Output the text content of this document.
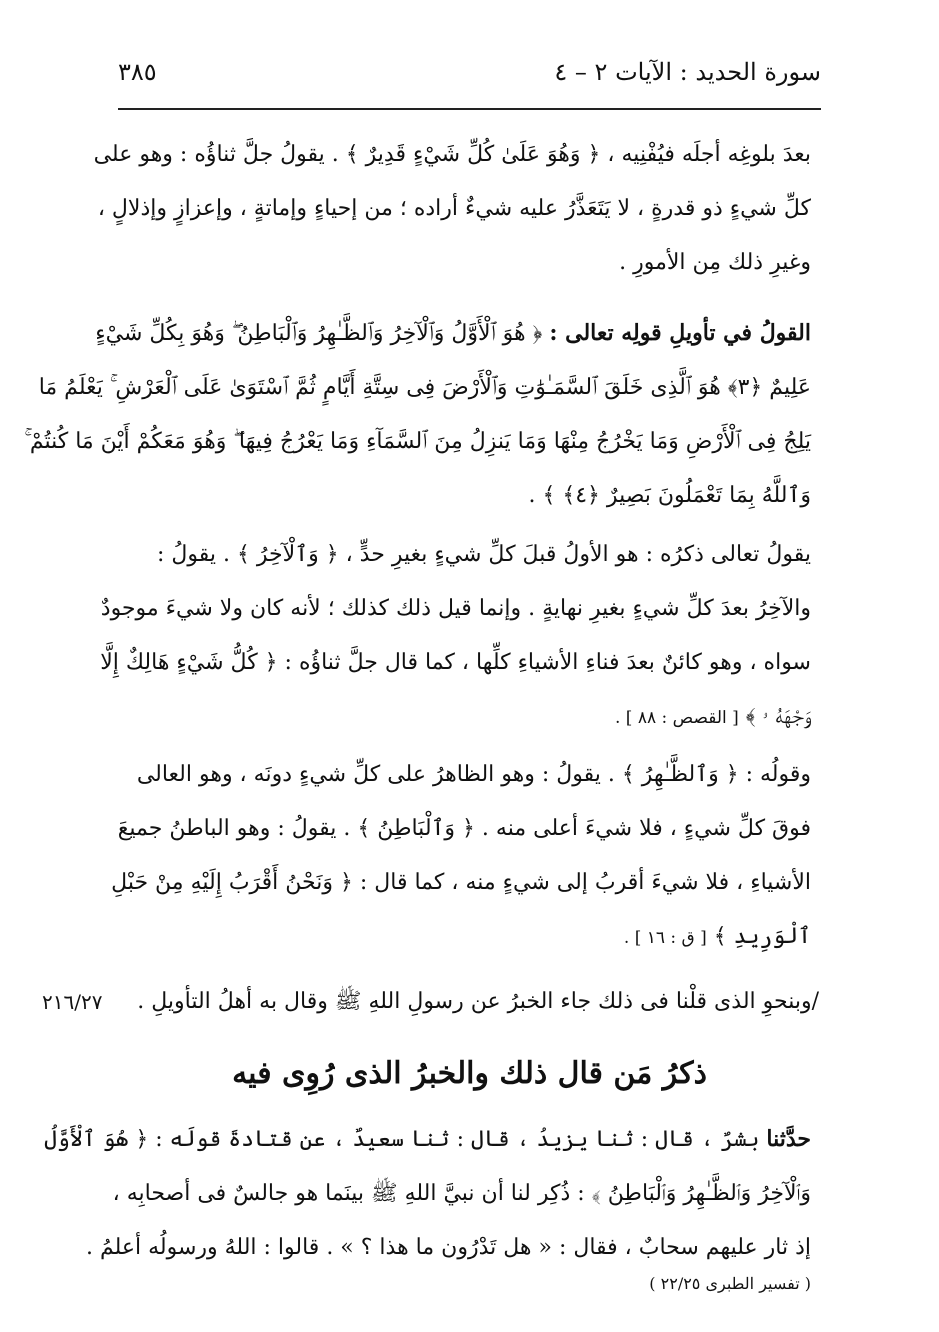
سورة الحديد : الآيات ٢ – ٤
٣٨٥
بعدَ بلوغِه أجلَه فيُفْنِيه ، ﴿ وَهُوَ عَلَىٰ كُلِّ شَيْءٍ قَدِيرٌ ﴾ . يقولُ جلَّ ثناؤُه : وهو على
كلِّ شيءٍ ذو قدرةٍ ، لا يَتَعَذَّرُ عليه شيءٌ أراده ؛ من إحياءٍ وإماتةٍ ، وإعزازٍ وإذلالٍ ،
وغيرِ ذلك مِن الأمورِ .
القولُ في تأويلِ قولِه تعالى : ﴿ هُوَ ٱلْأَوَّلُ وَٱلْآخِرُ وَٱلظَّـٰهِرُ وَٱلْبَاطِنُ ۖ وَهُوَ بِكُلِّ شَيْءٍ
عَلِيمٌ ﴿٣﴾ هُوَ ٱلَّذِى خَلَقَ ٱلسَّمَـٰوَٰتِ وَٱلْأَرْضَ فِى سِتَّةِ أَيَّامٍ ثُمَّ ٱسْتَوَىٰ عَلَى ٱلْعَرْشِ ۚ يَعْلَمُ مَا
يَلِجُ فِى ٱلْأَرْضِ وَمَا يَخْرُجُ مِنْهَا وَمَا يَنزِلُ مِنَ ٱلسَّمَآءِ وَمَا يَعْرُجُ فِيهَا ۖ وَهُوَ مَعَكُمْ أَيْنَ مَا كُنتُمْ ۚ
وَٱللَّهُ بِمَا تَعْمَلُونَ بَصِيرٌ ﴿٤﴾ ﴾ .
يقولُ تعالى ذكرُه : هو الأولُ قبلَ كلِّ شيءٍ بغيرِ حدٍّ ، ﴿ وَٱلْآخِرُ ﴾ . يقولُ :
والآخِرُ بعدَ كلِّ شيءٍ بغيرِ نهايةٍ . وإنما قيل ذلك كذلك ؛ لأنه كان ولا شيءَ موجودٌ
سواه ، وهو كائنٌ بعدَ فناءِ الأشياءِ كلِّها ، كما قال جلَّ ثناؤُه : ﴿ كُلُّ شَيْءٍ هَالِكٌ إِلَّا
وَجْهَهُ ۥ ﴾ [ القصص : ٨٨ ] .
وقولُه : ﴿ وَٱلظَّـٰهِرُ ﴾ . يقولُ : وهو الظاهرُ على كلِّ شيءٍ دونَه ، وهو العالى
فوقَ كلِّ شيءٍ ، فلا شيءَ أعلى منه . ﴿ وَٱلْبَاطِنُ ﴾ . يقولُ : وهو الباطنُ جميعَ
الأشياءِ ، فلا شيءَ أقربُ إلى شيءٍ منه ، كما قال : ﴿ وَنَحْنُ أَقْرَبُ إِلَيْهِ مِنْ حَبْلِ
ٱلْوَرِيدِ ﴾ [ ق : ١٦ ] .
/وبنحوِ الذى قلْنا فى ذلك جاء الخبرُ عن رسولِ اللهِ ﷺ وقال به أهلُ التأويلِ .
٢١٦/٢٧
ذكرُ مَن قال ذلك والخبرُ الذى رُوِى فيه
حدَّثنا بشرٌ ، قال : ثنا يزيدُ ، قال : ثنا سعيدٌ ، عن قتادةَ قولَه : ﴿ هُوَ ٱلْأَوَّلُ
وَٱلْآخِرُ وَٱلظَّـٰهِرُ وَٱلْبَاطِنُ ﴾ : ذُكِر لنا أن نبيَّ اللهِ ﷺ بينَما هو جالسٌ فى أصحابِه ،
إذ ثار عليهم سحابٌ ، فقال : « هل تَدْرُون ما هذا ؟ » . قالوا : اللهُ ورسولُه أعلمُ .
( تفسير الطبرى ٢٢/٢٥ )
